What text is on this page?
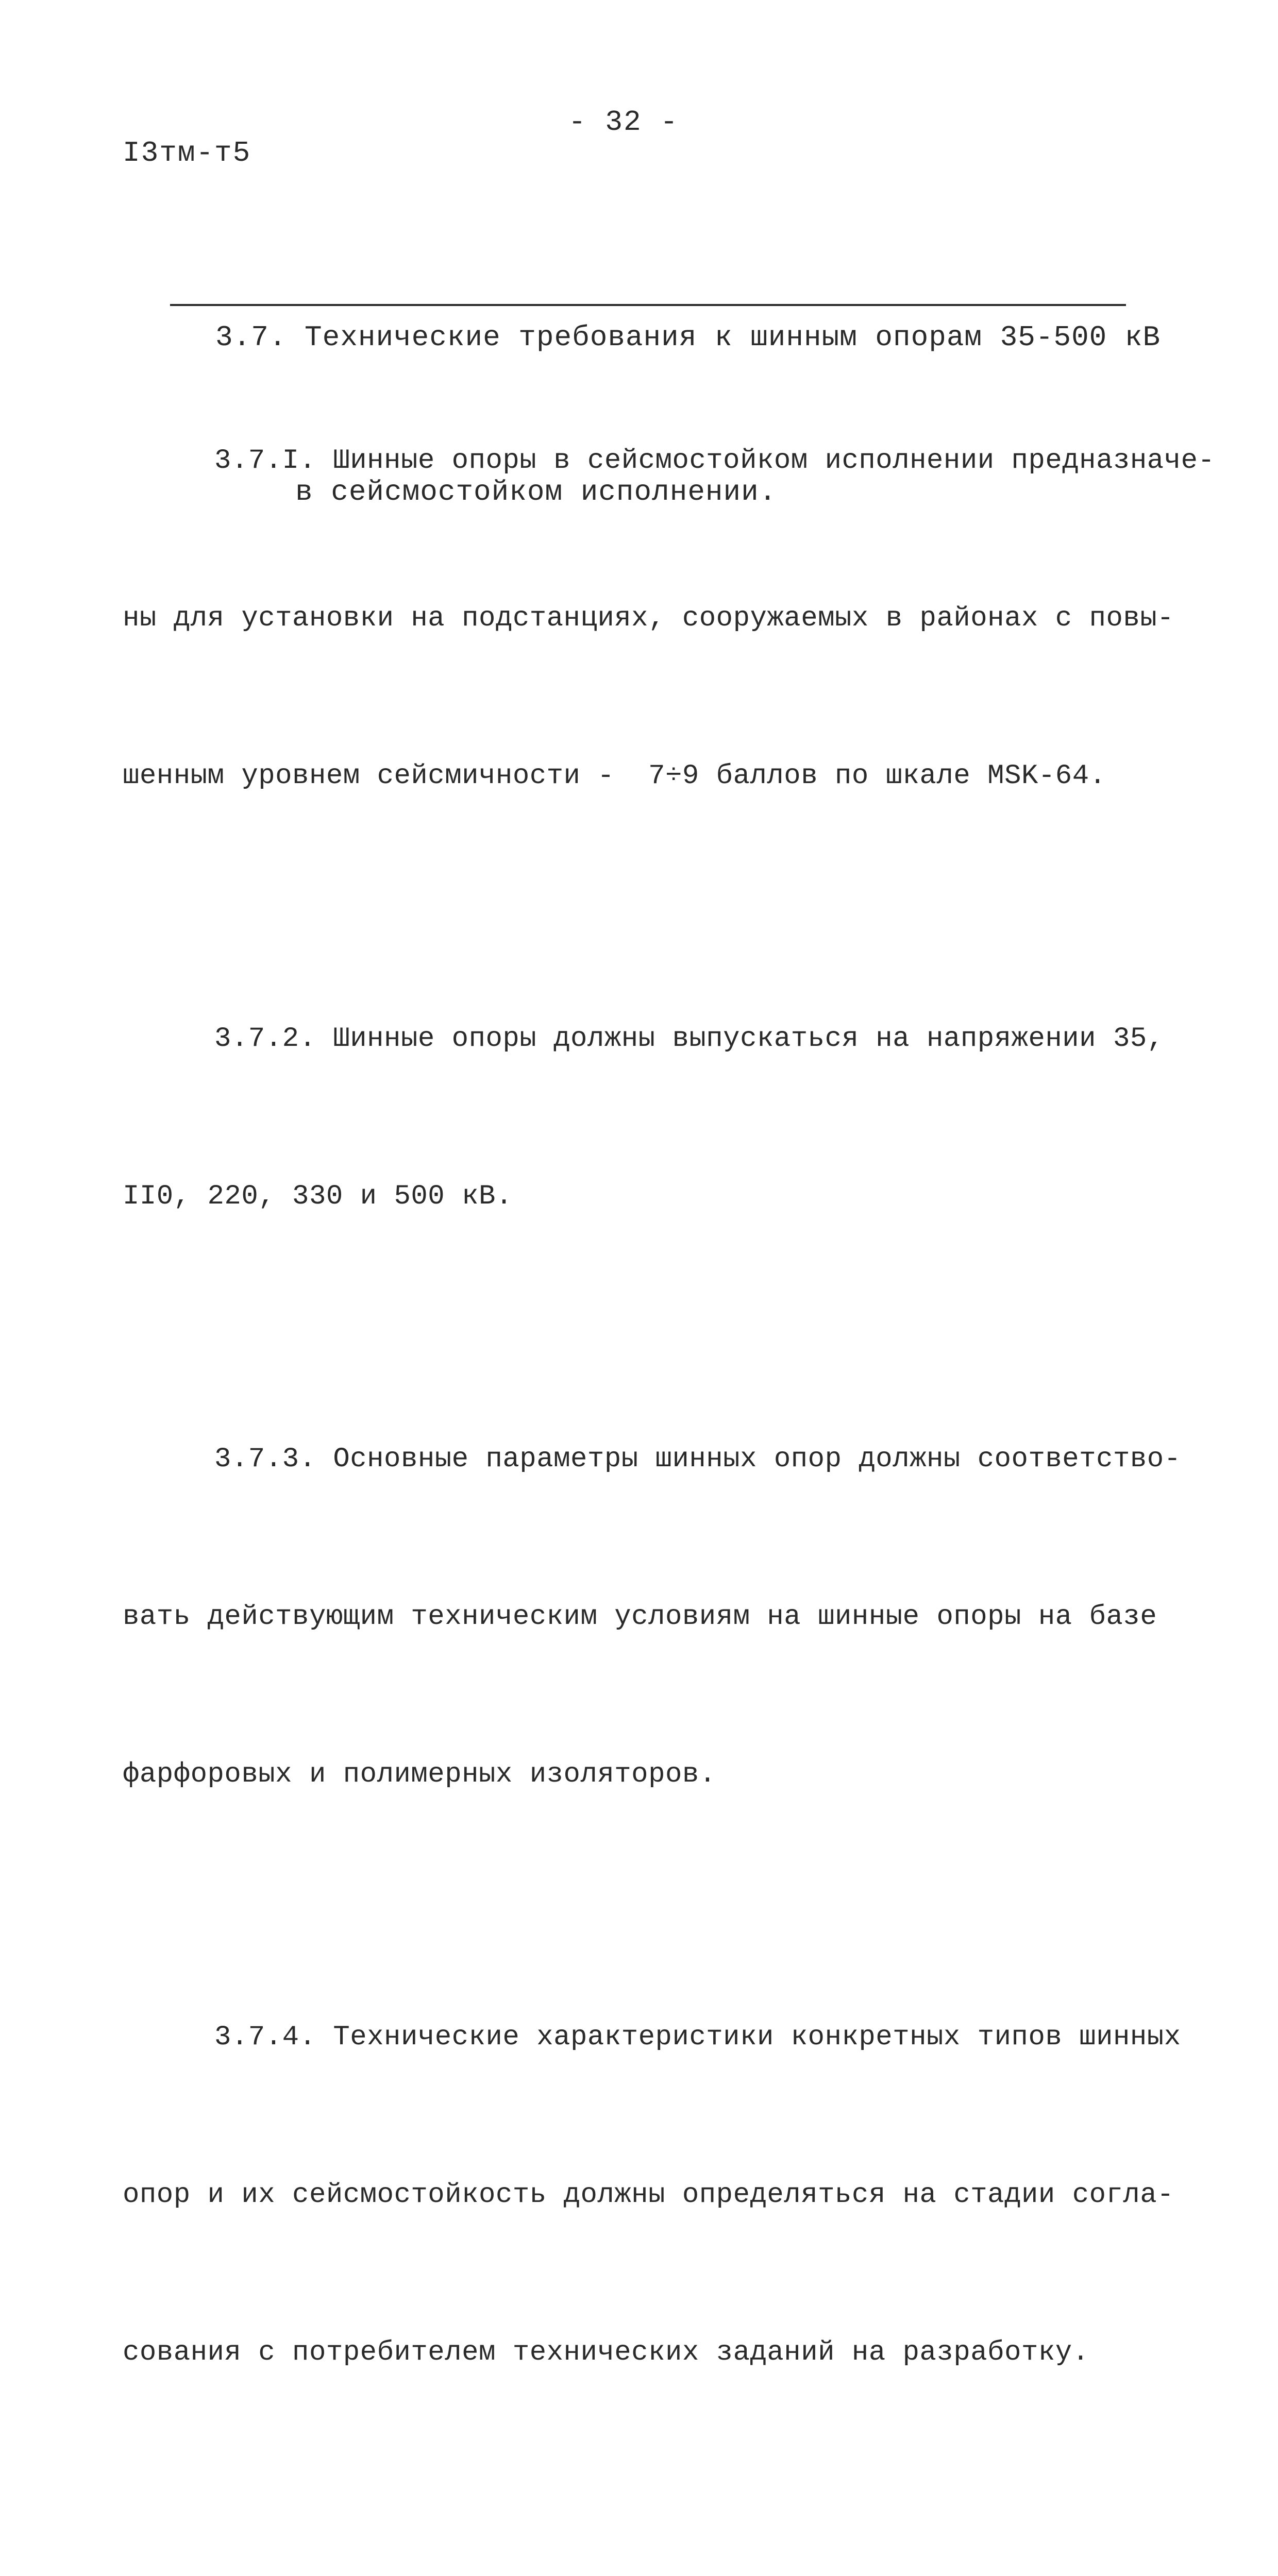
- 32 -
I3тм-т5

3.7. Технические требования к шинным опорам 35-500 кВ

в сейсмостойком исполнении.

3.7.I. Шинные опоры в сейсмостойком исполнении предназначе-

ны для установки на подстанциях, сооружаемых в районах с повы-

шенным уровнем сейсмичности -  7÷9 баллов по шкале MSK-64.

3.7.2. Шинные опоры должны выпускаться на напряжении 35,

II0, 220, 330 и 500 кВ.

3.7.3. Основные параметры шинных опор должны соответство-

вать действующим техническим условиям на шинные опоры на базе

фарфоровых и полимерных изоляторов.

3.7.4. Технические характеристики конкретных типов шинных

опор и их сейсмостойкость должны определяться на стадии согла-

сования с потребителем технических заданий на разработку.
